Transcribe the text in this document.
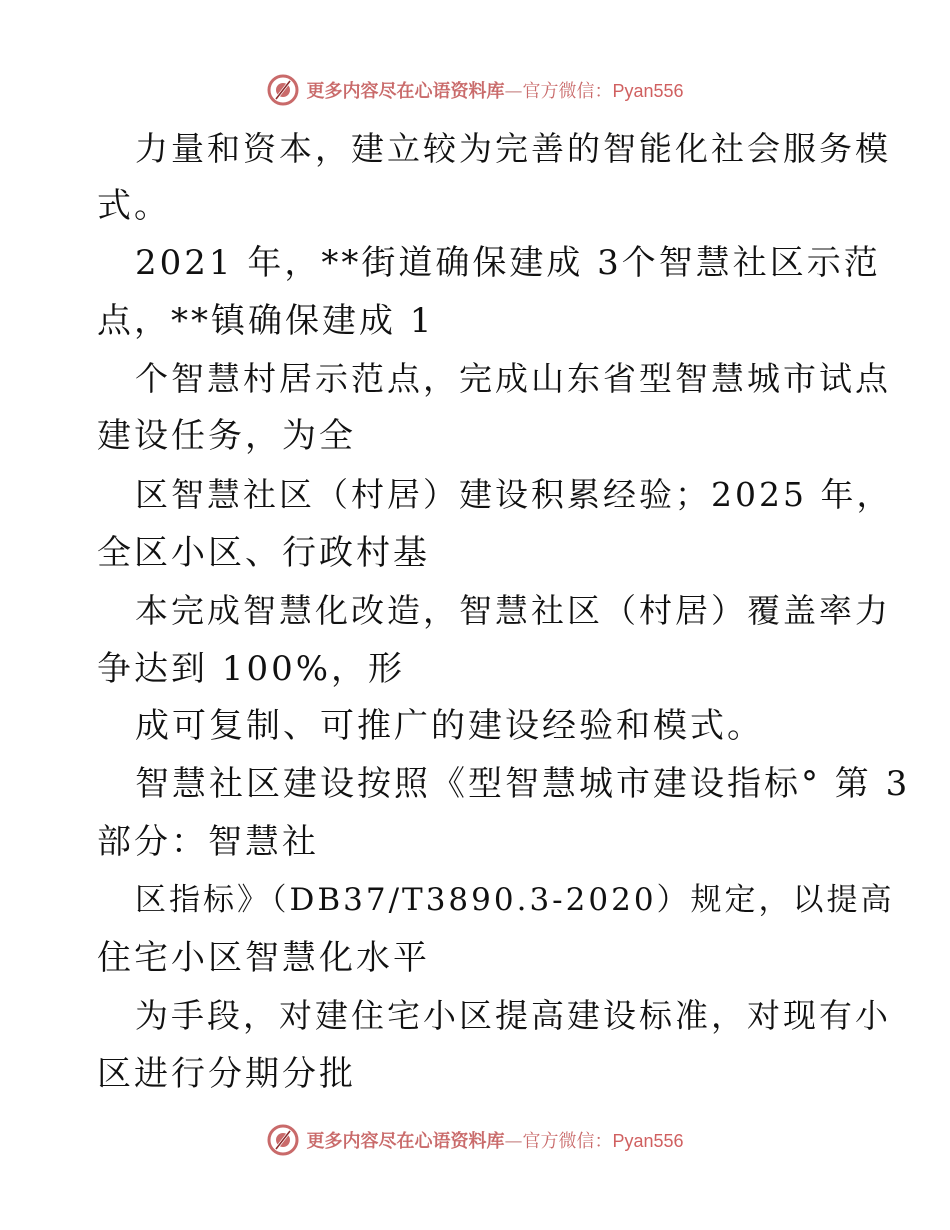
更多内容尽在心语资料库—官方微信：Pyan556
力量和资本，建立较为完善的智能化社会服务模
式。
2021 年，**街道确保建成 3个智慧社区示范
点，**镇确保建成 1
个智慧村居示范点，完成山东省型智慧城市试点
建设任务，为全
区智慧社区（村居）建设积累经验；2025 年，
全区小区、行政村基
本完成智慧化改造，智慧社区（村居）覆盖率力
争达到 100%，形
成可复制、可推广的建设经验和模式。
智慧社区建设按照《型智慧城市建设指标° 第 3
部分：智慧社
区指标》（DB37/T3890.3-2020）规定，以提高
住宅小区智慧化水平
为手段，对建住宅小区提高建设标准，对现有小
区进行分期分批
更多内容尽在心语资料库—官方微信：Pyan556
